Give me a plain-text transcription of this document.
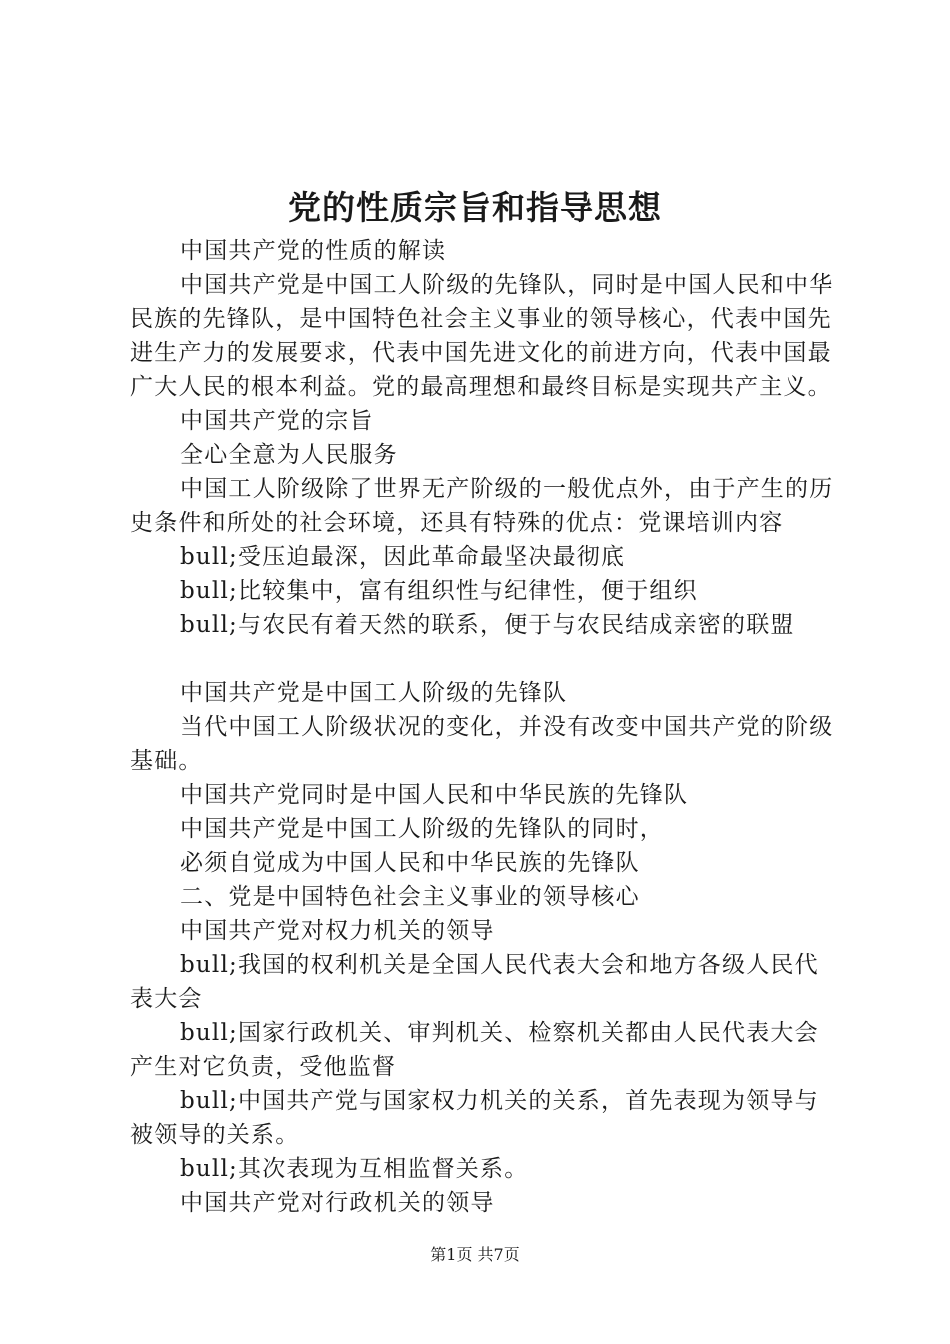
党的性质宗旨和指导思想

中国共产党的性质的解读

中国共产党是中国工人阶级的先锋队，同时是中国人民和中华民族的先锋队，是中国特色社会主义事业的领导核心，代表中国先进生产力的发展要求，代表中国先进文化的前进方向，代表中国最广大人民的根本利益。党的最高理想和最终目标是实现共产主义。

中国共产党的宗旨

全心全意为人民服务

中国工人阶级除了世界无产阶级的一般优点外，由于产生的历史条件和所处的社会环境，还具有特殊的优点：党课培训内容

bull;受压迫最深，因此革命最坚决最彻底

bull;比较集中，富有组织性与纪律性，便于组织

bull;与农民有着天然的联系，便于与农民结成亲密的联盟

中国共产党是中国工人阶级的先锋队

当代中国工人阶级状况的变化，并没有改变中国共产党的阶级基础。

中国共产党同时是中国人民和中华民族的先锋队

中国共产党是中国工人阶级的先锋队的同时，

必须自觉成为中国人民和中华民族的先锋队

二、党是中国特色社会主义事业的领导核心

中国共产党对权力机关的领导

bull;我国的权利机关是全国人民代表大会和地方各级人民代表大会

bull;国家行政机关、审判机关、检察机关都由人民代表大会产生对它负责，受他监督

bull;中国共产党与国家权力机关的关系，首先表现为领导与被领导的关系。

bull;其次表现为互相监督关系。

中国共产党对行政机关的领导

第1页 共7页
